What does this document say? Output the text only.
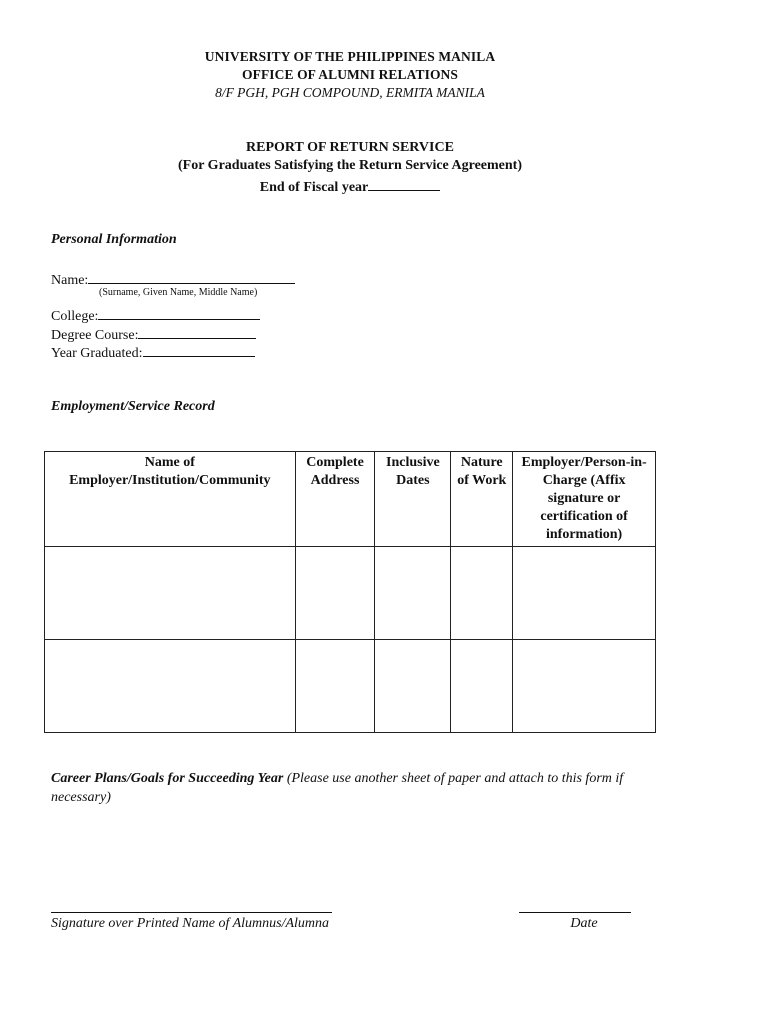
UNIVERSITY OF THE PHILIPPINES MANILA
OFFICE OF ALUMNI RELATIONS
8/F PGH, PGH COMPOUND, ERMITA MANILA
REPORT OF RETURN SERVICE
(For Graduates Satisfying the Return Service Agreement)
End of Fiscal year
Personal Information
Name:
(Surname, Given Name, Middle Name)
College:
Degree Course:
Year Graduated:
Employment/Service Record
Name of Employer/Institution/Community	Complete Address	Inclusive Dates	Nature of Work	Employer/Person-in-Charge (Affix signature or certification of information)

Career Plans/Goals for Succeeding Year (Please use another sheet of paper and attach to this form if necessary)
Signature over Printed Name of Alumnus/Alumna	Date
